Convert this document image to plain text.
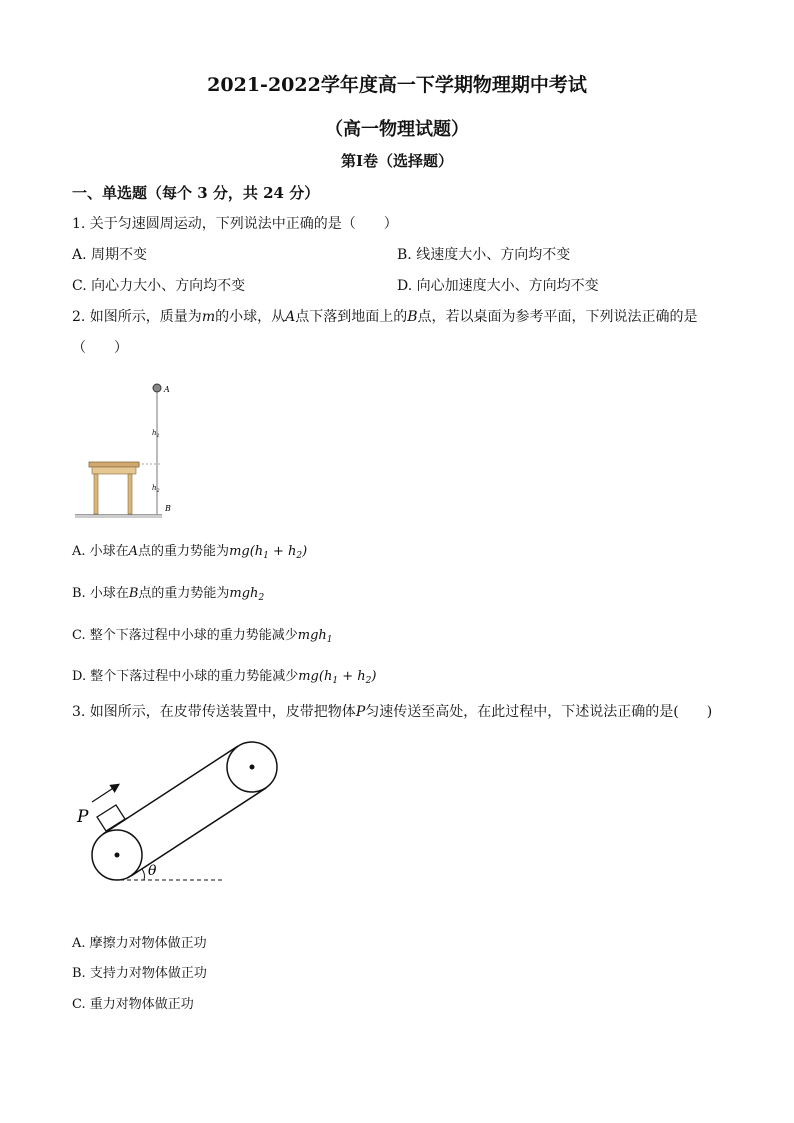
2021-2022学年度高一下学期物理期中考试
（高一物理试题）
第I卷（选择题）
一、单选题（每个 3 分，共 24 分）
1. 关于匀速圆周运动，下列说法中正确的是（　　）
A. 周期不变	B. 线速度大小、方向均不变
C. 向心力大小、方向均不变	D. 向心加速度大小、方向均不变
2. 如图所示，质量为m的小球，从A点下落到地面上的B点，若以桌面为参考平面，下列说法正确的是
（　　）
A
$h_1$
$h_2$
B
A. 小球在A点的重力势能为$mg(h_1 + h_2)$
B. 小球在B点的重力势能为mgh$_2$
C. 整个下落过程中小球的重力势能减少mgh$_1$
D. 整个下落过程中小球的重力势能减少$mg(h_1 + h_2)$
3. 如图所示，在皮带传送装置中，皮带把物体P匀速传送至高处，在此过程中，下述说法正确的是(　　)
P
θ
A. 摩擦力对物体做正功
B. 支持力对物体做正功
C. 重力对物体做正功
